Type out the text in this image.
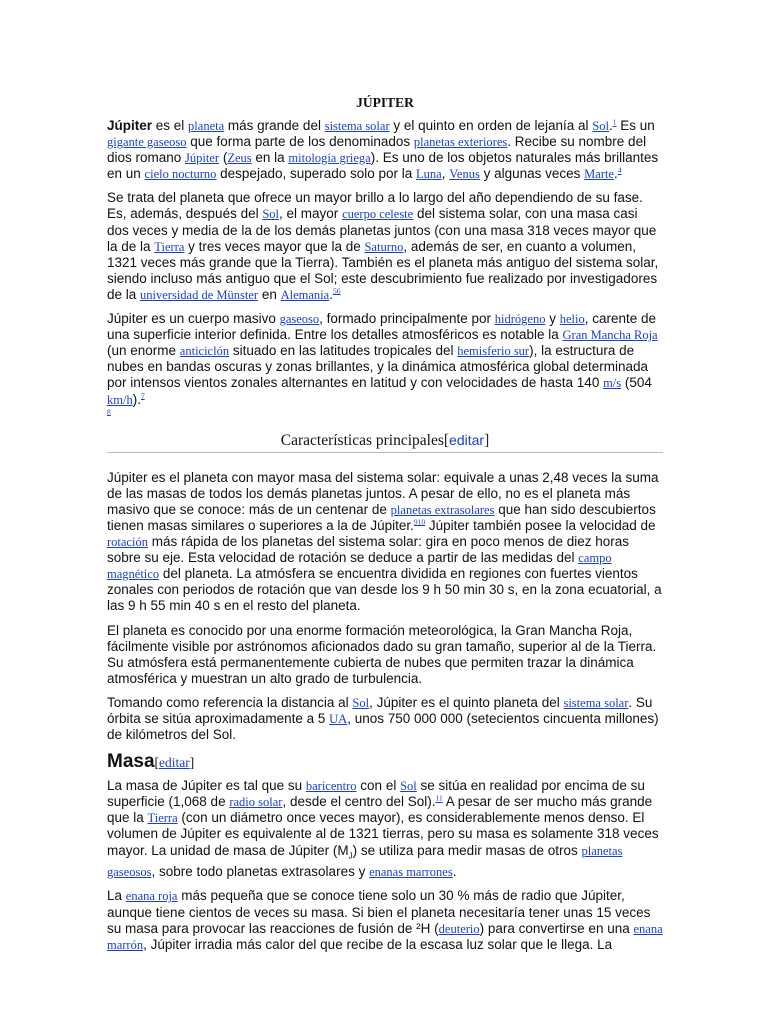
JÚPITER

Júpiter es el planeta más grande del sistema solar y el quinto en orden de lejanía al Sol.$^1$ Es un gigante gaseoso que forma parte de los denominados planetas exteriores. Recibe su nombre del dios romano Júpiter (Zeus en la mitología griega). Es uno de los objetos naturales más brillantes en un cielo nocturno despejado, superado solo por la Luna, Venus y algunas veces Marte.$^4$

Se trata del planeta que ofrece un mayor brillo a lo largo del año dependiendo de su fase. Es, además, después del Sol, el mayor cuerpo celeste del sistema solar, con una masa casi dos veces y media de la de los demás planetas juntos (con una masa 318 veces mayor que la de la Tierra y tres veces mayor que la de Saturno, además de ser, en cuanto a volumen, 1321 veces más grande que la Tierra). También es el planeta más antiguo del sistema solar, siendo incluso más antiguo que el Sol; este descubrimiento fue realizado por investigadores de la universidad de Münster en Alemania.$^{56}$

Júpiter es un cuerpo masivo gaseoso, formado principalmente por hidrógeno y helio, carente de una superficie interior definida. Entre los detalles atmosféricos es notable la Gran Mancha Roja (un enorme anticiclón situado en las latitudes tropicales del hemisferio sur), la estructura de nubes en bandas oscuras y zonas brillantes, y la dinámica atmosférica global determinada por intensos vientos zonales alternantes en latitud y con velocidades de hasta 140 m/s (504 km/h).$^7$
$^8$

Características principales[editar]

Júpiter es el planeta con mayor masa del sistema solar: equivale a unas 2,48 veces la suma de las masas de todos los demás planetas juntos. A pesar de ello, no es el planeta más masivo que se conoce: más de un centenar de planetas extrasolares que han sido descubiertos tienen masas similares o superiores a la de Júpiter.$^{910}$ Júpiter también posee la velocidad de rotación más rápida de los planetas del sistema solar: gira en poco menos de diez horas sobre su eje. Esta velocidad de rotación se deduce a partir de las medidas del campo magnético del planeta. La atmósfera se encuentra dividida en regiones con fuertes vientos zonales con periodos de rotación que van desde los 9 h 50 min 30 s, en la zona ecuatorial, a las 9 h 55 min 40 s en el resto del planeta.

El planeta es conocido por una enorme formación meteorológica, la Gran Mancha Roja, fácilmente visible por astrónomos aficionados dado su gran tamaño, superior al de la Tierra. Su atmósfera está permanentemente cubierta de nubes que permiten trazar la dinámica atmosférica y muestran un alto grado de turbulencia.

Tomando como referencia la distancia al Sol, Júpiter es el quinto planeta del sistema solar. Su órbita se sitúa aproximadamente a 5 UA, unos 750 000 000 (setecientos cincuenta millones) de kilómetros del Sol.

Masa[editar]

La masa de Júpiter es tal que su baricentro con el Sol se sitúa en realidad por encima de su superficie (1,068 de radio solar, desde el centro del Sol).$^{11}$ A pesar de ser mucho más grande que la Tierra (con un diámetro once veces mayor), es considerablemente menos denso. El volumen de Júpiter es equivalente al de 1321 tierras, pero su masa es solamente 318 veces mayor. La unidad de masa de Júpiter $(M_J)$ se utiliza para medir masas de otros planetas gaseosos, sobre todo planetas extrasolares y enanas marrones.

La enana roja más pequeña que se conoce tiene solo un 30 % más de radio que Júpiter, aunque tiene cientos de veces su masa. Si bien el planeta necesitaría tener unas 15 veces su masa para provocar las reacciones de fusión de ²H (deuterio) para convertirse en una enana marrón, Júpiter irradia más calor del que recibe de la escasa luz solar que le llega. La
